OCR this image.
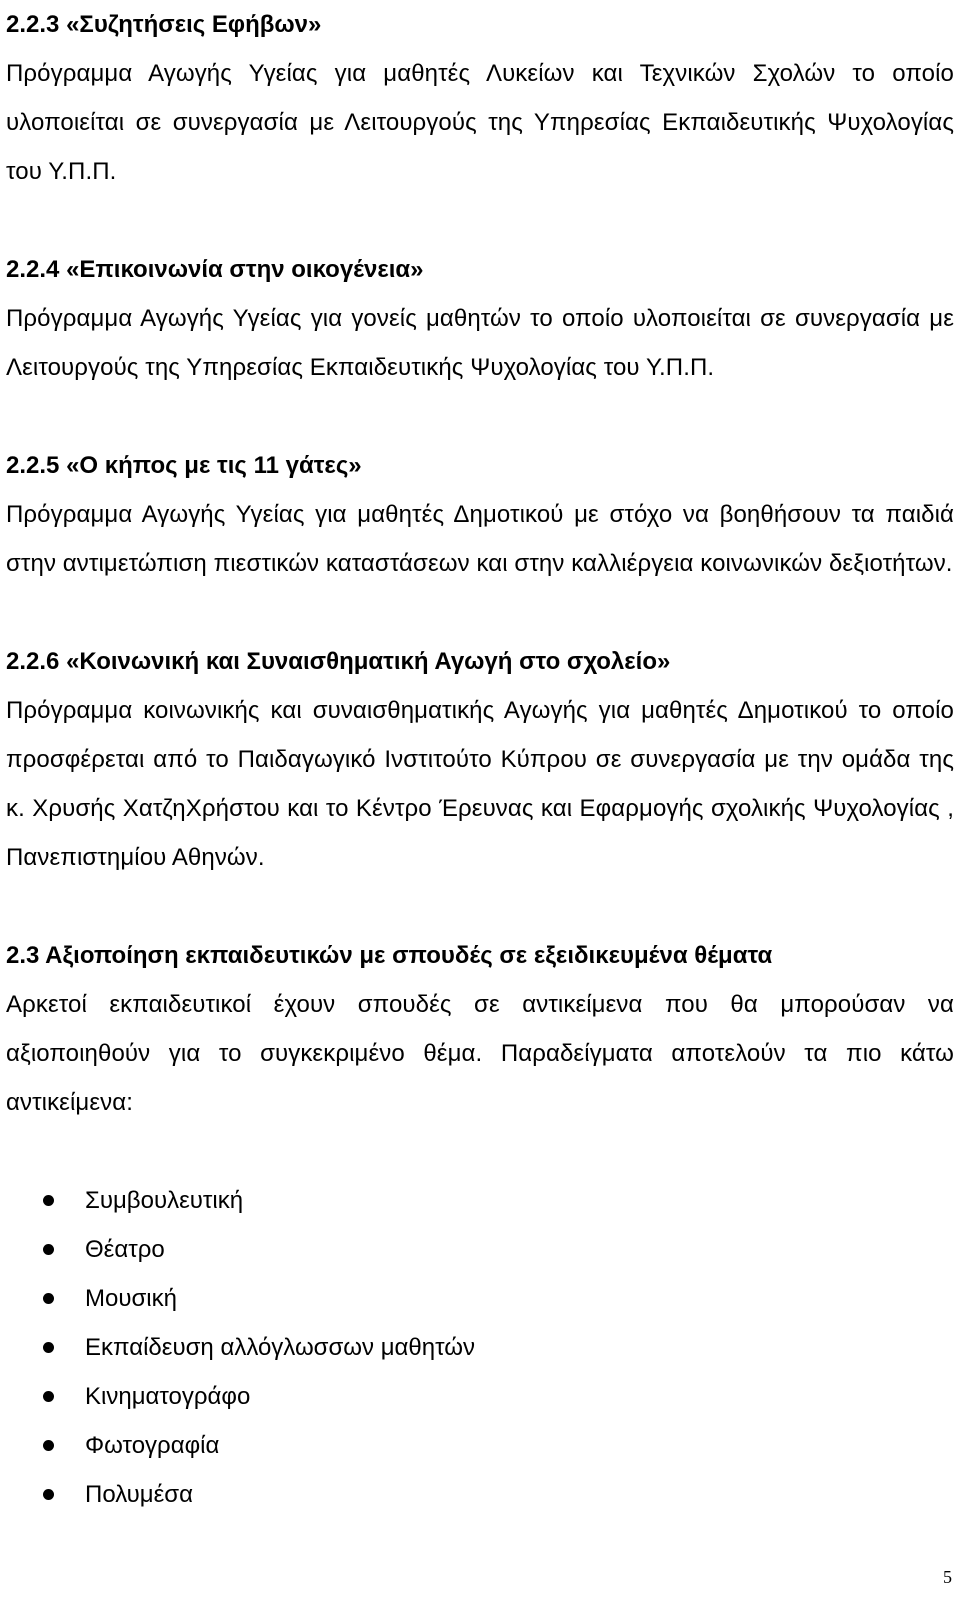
2.2.3 «Συζητήσεις Εφήβων»

Πρόγραμμα Αγωγής Υγείας για μαθητές Λυκείων και Τεχνικών Σχολών το οποίο υλοποιείται σε συνεργασία με Λειτουργούς της Υπηρεσίας Εκπαιδευτικής Ψυχολογίας του Υ.Π.Π.

2.2.4 «Επικοινωνία στην οικογένεια»

Πρόγραμμα Αγωγής Υγείας για γονείς μαθητών το οποίο υλοποιείται σε συνεργασία με Λειτουργούς της Υπηρεσίας Εκπαιδευτικής Ψυχολογίας του Υ.Π.Π.

2.2.5 «Ο κήπος με τις 11 γάτες»

Πρόγραμμα Αγωγής Υγείας για μαθητές Δημοτικού με στόχο να βοηθήσουν τα παιδιά στην αντιμετώπιση πιεστικών καταστάσεων και στην καλλιέργεια κοινωνικών δεξιοτήτων.

2.2.6 «Κοινωνική και Συναισθηματική Αγωγή στο σχολείο»

Πρόγραμμα κοινωνικής και συναισθηματικής Αγωγής για μαθητές Δημοτικού το οποίο προσφέρεται από το Παιδαγωγικό Ινστιτούτο Κύπρου σε συνεργασία με την ομάδα της κ. Χρυσής ΧατζηΧρήστου και το Κέντρο Έρευνας και Εφαρμογής σχολικής Ψυχολογίας , Πανεπιστημίου Αθηνών.

2.3 Αξιοποίηση εκπαιδευτικών με σπουδές σε εξειδικευμένα θέματα

Αρκετοί εκπαιδευτικοί έχουν σπουδές σε αντικείμενα που θα μπορούσαν να αξιοποιηθούν για το συγκεκριμένο θέμα. Παραδείγματα αποτελούν τα πιο κάτω αντικείμενα:

Συμβουλευτική
Θέατρο
Μουσική
Εκπαίδευση αλλόγλωσσων μαθητών
Κινηματογράφο
Φωτογραφία
Πολυμέσα
5
